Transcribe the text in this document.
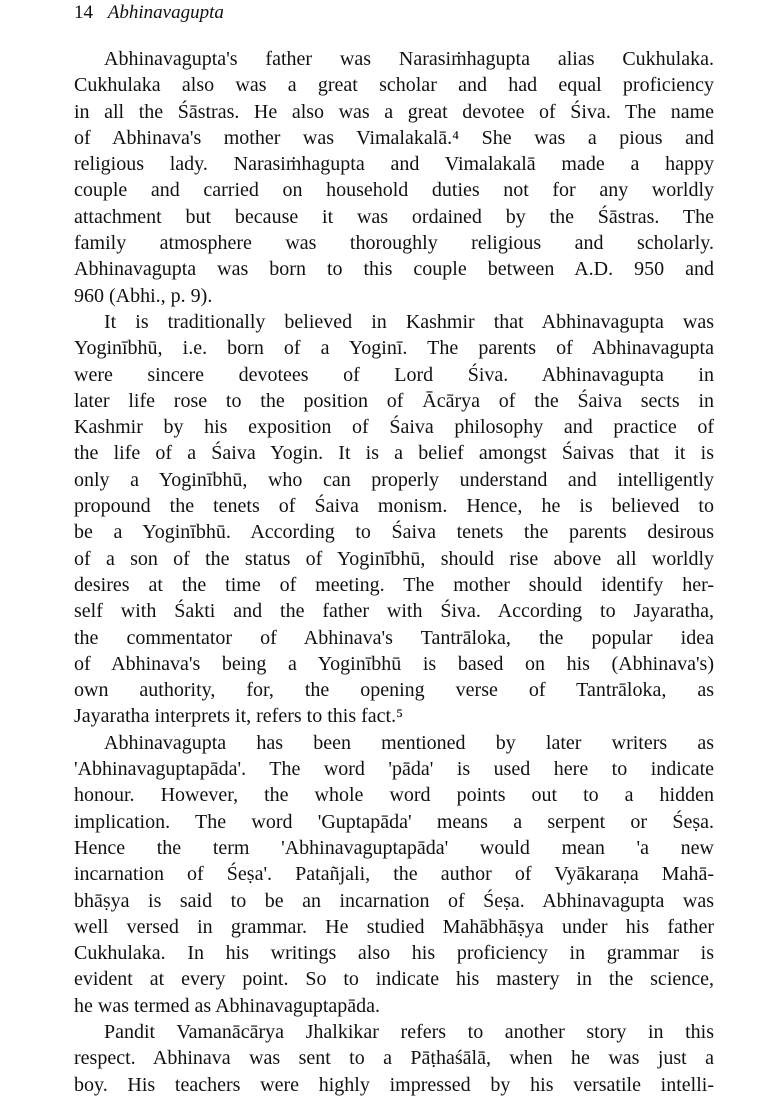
14 Abhinavagupta

Abhinavagupta's father was Narasiṁhagupta alias Cukhulaka.
Cukhulaka also was a great scholar and had equal proficiency
in all the Śāstras. He also was a great devotee of Śiva. The name
of Abhinava's mother was Vimalakalā.⁴ She was a pious and
religious lady. Narasiṁhagupta and Vimalakalā made a happy
couple and carried on household duties not for any worldly
attachment but because it was ordained by the Śāstras. The
family atmosphere was thoroughly religious and scholarly.
Abhinavagupta was born to this couple between A.D. 950 and
960 (Abhi., p. 9).

It is traditionally believed in Kashmir that Abhinavagupta was
Yoginībhū, i.e. born of a Yoginī. The parents of Abhinavagupta
were sincere devotees of Lord Śiva. Abhinavagupta in
later life rose to the position of Ācārya of the Śaiva sects in
Kashmir by his exposition of Śaiva philosophy and practice of
the life of a Śaiva Yogin. It is a belief amongst Śaivas that it is
only a Yoginībhū, who can properly understand and intelligently
propound the tenets of Śaiva monism. Hence, he is believed to
be a Yoginībhū. According to Śaiva tenets the parents desirous
of a son of the status of Yoginībhū, should rise above all worldly
desires at the time of meeting. The mother should identify her-
self with Śakti and the father with Śiva. According to Jayaratha,
the commentator of Abhinava's Tantrāloka, the popular idea
of Abhinava's being a Yoginībhū is based on his (Abhinava's)
own authority, for, the opening verse of Tantrāloka, as
Jayaratha interprets it, refers to this fact.⁵

Abhinavagupta has been mentioned by later writers as
'Abhinavaguptapāda'. The word 'pāda' is used here to indicate
honour. However, the whole word points out to a hidden
implication. The word 'Guptapāda' means a serpent or Śeṣa.
Hence the term 'Abhinavaguptapāda' would mean 'a new
incarnation of Śeṣa'. Patañjali, the author of Vyākaraṇa Mahā-
bhāṣya is said to be an incarnation of Śeṣa. Abhinavagupta was
well versed in grammar. He studied Mahābhāṣya under his father
Cukhulaka. In his writings also his proficiency in grammar is
evident at every point. So to indicate his mastery in the science,
he was termed as Abhinavaguptapāda.

Pandit Vamanācārya Jhalkikar refers to another story in this
respect. Abhinava was sent to a Pāṭhaśālā, when he was just a
boy. His teachers were highly impressed by his versatile intelli-
